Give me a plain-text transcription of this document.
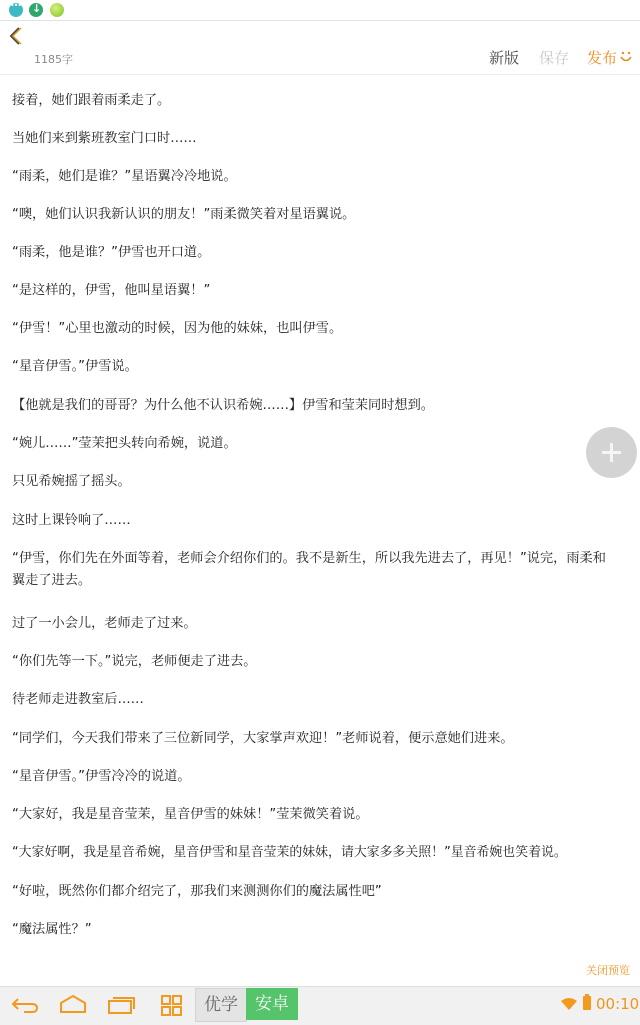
•••
↓
1185字	新版 保存 发布

接着，她们跟着雨柔走了。

当她们来到紫班教室门口时……

“雨柔，她们是谁？”星语翼冷冷地说。

“噢，她们认识我新认识的朋友！”雨柔微笑着对星语翼说。

“雨柔，他是谁？”伊雪也开口道。

“是这样的，伊雪，他叫星语翼！”

“伊雪！”心里也激动的时候，因为他的妹妹，也叫伊雪。

“星音伊雪。”伊雪说。

【他就是我们的哥哥？为什么他不认识希婉……】伊雪和莹茉同时想到。

“婉儿……”莹茉把头转向希婉，说道。

只见希婉摇了摇头。

这时上课铃响了……

“伊雪，你们先在外面等着，老师会介绍你们的。我不是新生，所以我先进去了，再见！”说完，雨柔和翼走了进去。

过了一小会儿，老师走了过来。

“你们先等一下。”说完，老师便走了进去。

待老师走进教室后……

“同学们，今天我们带来了三位新同学，大家掌声欢迎！”老师说着，便示意她们进来。

“星音伊雪。”伊雪冷冷的说道。

“大家好，我是星音莹茉，星音伊雪的妹妹！”莹茉微笑着说。

“大家好啊，我是星音希婉，星音伊雪和星音莹茉的妹妹，请大家多多关照！”星音希婉也笑着说。

“好啦，既然你们都介绍完了，那我们来测测你们的魔法属性吧”

“魔法属性？”

关闭预览
优学	安卓	00:10
